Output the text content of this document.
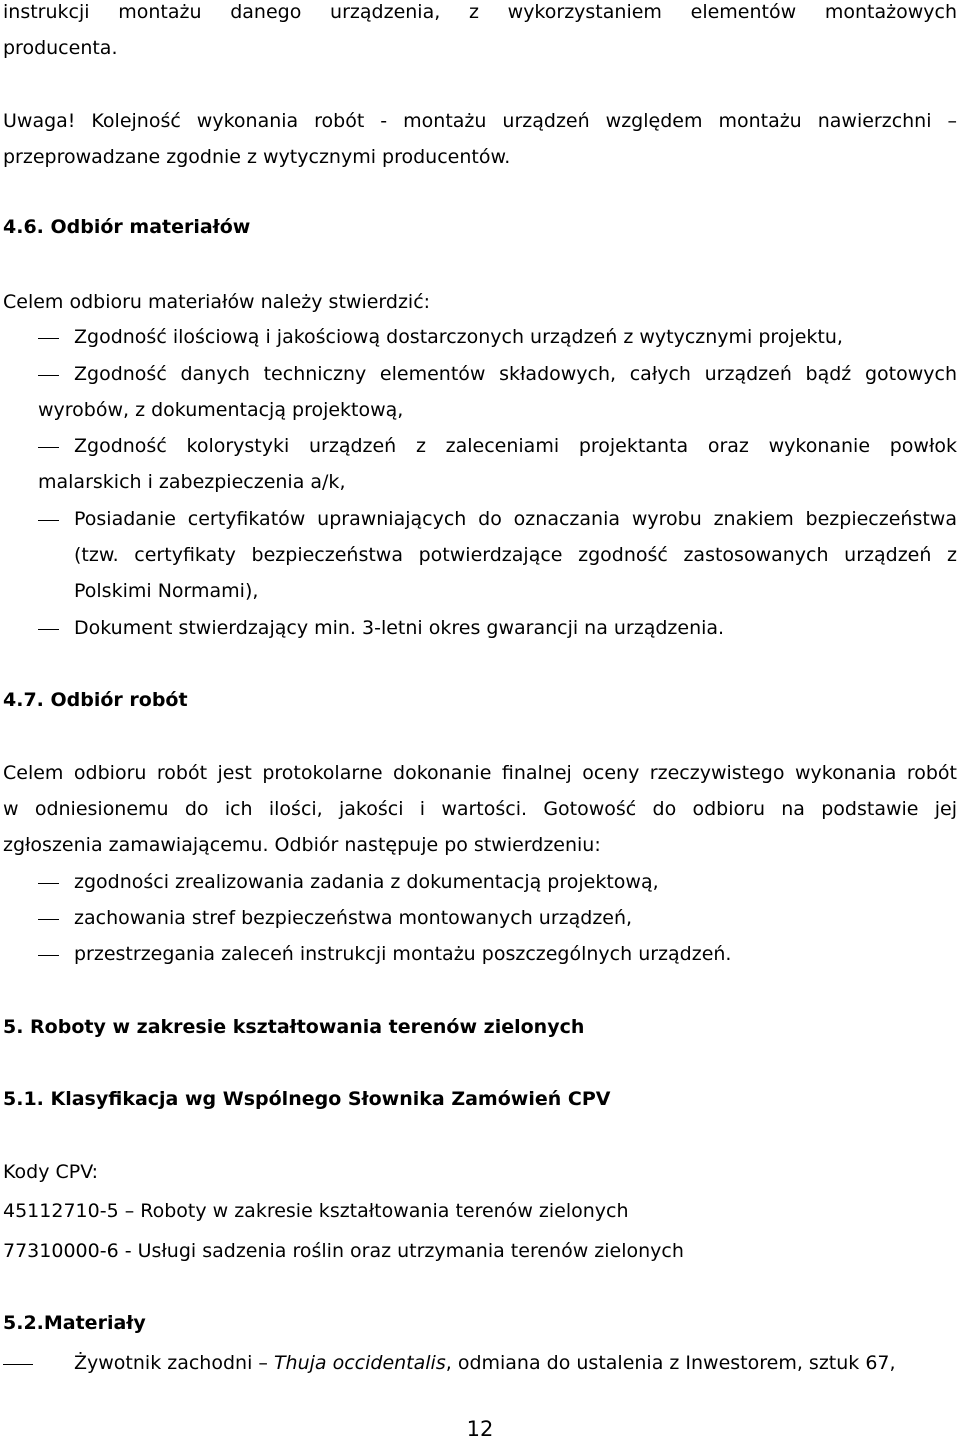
instrukcji montażu danego urządzenia, z wykorzystaniem elementów montażowych
producenta.
Uwaga! Kolejność wykonania robót - montażu urządzeń względem montażu nawierzchni –
przeprowadzane zgodnie z wytycznymi producentów.
4.6. Odbiór materiałów
Celem odbioru materiałów należy stwierdzić:
Zgodność ilościową i jakościową dostarczonych urządzeń z wytycznymi projektu,
Zgodność danych techniczny elementów składowych, całych urządzeń bądź gotowych
wyrobów, z dokumentacją projektową,
Zgodność kolorystyki urządzeń z zaleceniami projektanta oraz wykonanie powłok
malarskich i zabezpieczenia a/k,
Posiadanie certyfikatów uprawniających do oznaczania wyrobu znakiem bezpieczeństwa
(tzw. certyfikaty bezpieczeństwa potwierdzające zgodność zastosowanych urządzeń z
Polskimi Normami),
Dokument stwierdzający min. 3-letni okres gwarancji na urządzenia.
4.7. Odbiór robót
Celem odbioru robót jest protokolarne dokonanie finalnej oceny rzeczywistego wykonania robót
w odniesionemu do ich ilości, jakości i wartości. Gotowość do odbioru na podstawie jej
zgłoszenia zamawiającemu. Odbiór następuje po stwierdzeniu:
zgodności zrealizowania zadania z dokumentacją projektową,
zachowania stref bezpieczeństwa montowanych urządzeń,
przestrzegania zaleceń instrukcji montażu poszczególnych urządzeń.
5. Roboty w zakresie kształtowania terenów zielonych
5.1. Klasyfikacja wg Wspólnego Słownika Zamówień CPV
Kody CPV:
45112710-5 – Roboty w zakresie kształtowania terenów zielonych
77310000-6 - Usługi sadzenia roślin oraz utrzymania terenów zielonych
5.2.Materiały
Żywotnik zachodni – Thuja occidentalis, odmiana do ustalenia z Inwestorem, sztuk 67,
12
